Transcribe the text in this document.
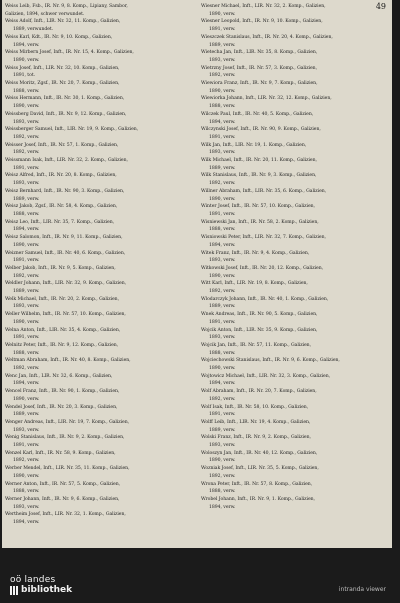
49
Weiss Leib, Fsb., IR. Nr. 9, 8. Komp., Lipiany, Sambor,
Galizien, 1894, schwer verwundet.
Weiss Adolf, Inft., LIR. Nr. 32, 11. Komp., Galizien,
1889, verwundet.
Weiss Karl, Kdt., IR. Nr. 9, 10. Komp., Galizien,
1894, verw.
Weiss Mirbern Josef, Inft., IR. Nr. 15, 4. Komp., Galizien,
1890, verw.
Weiss Josef, Inft., LIR. Nr. 32, 10. Komp., Galizien,
1891, tot.
Weiss Moritz, Zgsf., IR. Nr. 20, 7. Komp., Galizien,
1888, verw.
Weiss Hermann, Inft., IR. Nr. 30, 1. Komp., Galizien,
1890, verw.
Weissberg David, Inft., IR. Nr. 9, 12. Komp., Galizien,
1893, verw.
Weissberger Samuel, Inft., LIR. Nr. 19, 9. Komp., Galizien,
1892, verw.
Weisser Josef, Inft., IR. Nr. 57, 1. Komp., Galizien,
1892, verw.
Weissmann Isak, Inft., LIR. Nr. 32, 2. Komp., Galizien,
1891, verw.
Weisz Alfred, Inft., IR. Nr. 20, 8. Komp., Galizien,
1893, verw.
Weisz Bernhard, Inft., IR. Nr. 90, 3. Komp., Galizien,
1889, verw.
Weisz Jakob, Zgsf., IR. Nr. 58, 4. Komp., Galizien,
1888, verw.
Weisz Leo, Inft., LIR. Nr. 35, 7. Komp., Galizien,
1894, verw.
Weisz Salomon, Inft., IR. Nr. 9, 11. Komp., Galizien,
1890, verw.
Weizner Samuel, Inft., IR. Nr. 40, 6. Komp., Galizien,
1891, verw.
Welber Jakob, Inft., IR. Nr. 9, 5. Komp., Galizien,
1892, verw.
Weldler Johann, Inft., LIR. Nr. 32, 9. Komp., Galizien,
1889, verw.
Welk Michael, Inft., IR. Nr. 20, 2. Komp., Galizien,
1893, verw.
Weller Wilhelm, Inft., IR. Nr. 57, 10. Komp., Galizien,
1890, verw.
Welna Anton, Inft., LIR. Nr. 35, 4. Komp., Galizien,
1891, verw.
Welnitz Peter, Inft., IR. Nr. 9, 12. Komp., Galizien,
1888, verw.
Weltman Abraham, Inft., IR. Nr. 40, 8. Komp., Galizien,
1892, verw.
Wenc Jan, Inft., LIR. Nr. 32, 6. Komp., Galizien,
1894, verw.
Wencel Franz, Inft., IR. Nr. 90, 1. Komp., Galizien,
1890, verw.
Wendel Josef, Inft., IR. Nr. 20, 3. Komp., Galizien,
1889, verw.
Wenger Andreas, Inft., LIR. Nr. 19, 7. Komp., Galizien,
1893, verw.
Wenig Stanislaus, Inft., IR. Nr. 9, 2. Komp., Galizien,
1891, verw.
Wenzel Karl, Inft., IR. Nr. 58, 9. Komp., Galizien,
1892, verw.
Werber Mendel, Inft., LIR. Nr. 35, 11. Komp., Galizien,
1890, verw.
Werner Anton, Inft., IR. Nr. 57, 5. Komp., Galizien,
1888, verw.
Werner Johann, Inft., IR. Nr. 9, 6. Komp., Galizien,
1893, verw.
Wertheim Josef, Inft., LIR. Nr. 32, 1. Komp., Galizien,
1894, verw.
Wiesner Michael, Inft., LIR. Nr. 32, 2. Komp., Galizien,
1890, verw.
Wiesner Leopold, Inft., IR. Nr. 9, 10. Komp., Galizien,
1891, verw.
Wieszczek Stanislaus, Inft., IR. Nr. 20, 4. Komp., Galizien,
1889, verw.
Wietecha Jan, Inft., LIR. Nr. 35, 8. Komp., Galizien,
1893, verw.
Wietrzny Josef, Inft., IR. Nr. 57, 3. Komp., Galizien,
1892, verw.
Wiewiora Franz, Inft., IR. Nr. 9, 7. Komp., Galizien,
1890, verw.
Wiewiorka Johann, Inft., LIR. Nr. 32, 12. Komp., Galizien,
1888, verw.
Wilczek Paul, Inft., IR. Nr. 40, 5. Komp., Galizien,
1894, verw.
Wilczynski Josef, Inft., IR. Nr. 90, 9. Komp., Galizien,
1891, verw.
Wilk Jan, Inft., LIR. Nr. 19, 1. Komp., Galizien,
1893, verw.
Wilk Michael, Inft., IR. Nr. 20, 11. Komp., Galizien,
1889, verw.
Wilk Stanislaus, Inft., IR. Nr. 9, 3. Komp., Galizien,
1892, verw.
Willner Abraham, Inft., LIR. Nr. 35, 6. Komp., Galizien,
1890, verw.
Winter Josef, Inft., IR. Nr. 57, 10. Komp., Galizien,
1891, verw.
Wisniewski Jan, Inft., IR. Nr. 58, 2. Komp., Galizien,
1888, verw.
Wisniowski Peter, Inft., LIR. Nr. 32, 7. Komp., Galizien,
1894, verw.
Witek Franz, Inft., IR. Nr. 9, 4. Komp., Galizien,
1893, verw.
Witkowski Josef, Inft., IR. Nr. 20, 12. Komp., Galizien,
1890, verw.
Witt Karl, Inft., LIR. Nr. 19, 8. Komp., Galizien,
1892, verw.
Wlodarczyk Johann, Inft., IR. Nr. 40, 1. Komp., Galizien,
1889, verw.
Wnek Andreas, Inft., IR. Nr. 90, 5. Komp., Galizien,
1891, verw.
Wojcik Anton, Inft., LIR. Nr. 35, 9. Komp., Galizien,
1893, verw.
Wojcik Jan, Inft., IR. Nr. 57, 11. Komp., Galizien,
1888, verw.
Wojciechowski Stanislaus, Inft., IR. Nr. 9, 6. Komp., Galizien,
1890, verw.
Wojtowicz Michael, Inft., LIR. Nr. 32, 3. Komp., Galizien,
1894, verw.
Wolf Abraham, Inft., IR. Nr. 20, 7. Komp., Galizien,
1892, verw.
Wolf Isak, Inft., IR. Nr. 58, 10. Komp., Galizien,
1891, verw.
Wolff Leib, Inft., LIR. Nr. 19, 4. Komp., Galizien,
1889, verw.
Wolski Franz, Inft., IR. Nr. 9, 2. Komp., Galizien,
1893, verw.
Woloszyn Jan, Inft., IR. Nr. 40, 12. Komp., Galizien,
1890, verw.
Wozniak Josef, Inft., LIR. Nr. 35, 5. Komp., Galizien,
1892, verw.
Wrona Peter, Inft., IR. Nr. 57, 8. Komp., Galizien,
1888, verw.
Wrobel Johann, Inft., IR. Nr. 9, 1. Komp., Galizien,
1894, verw.
oö landes
bibliothek	intranda viewer
